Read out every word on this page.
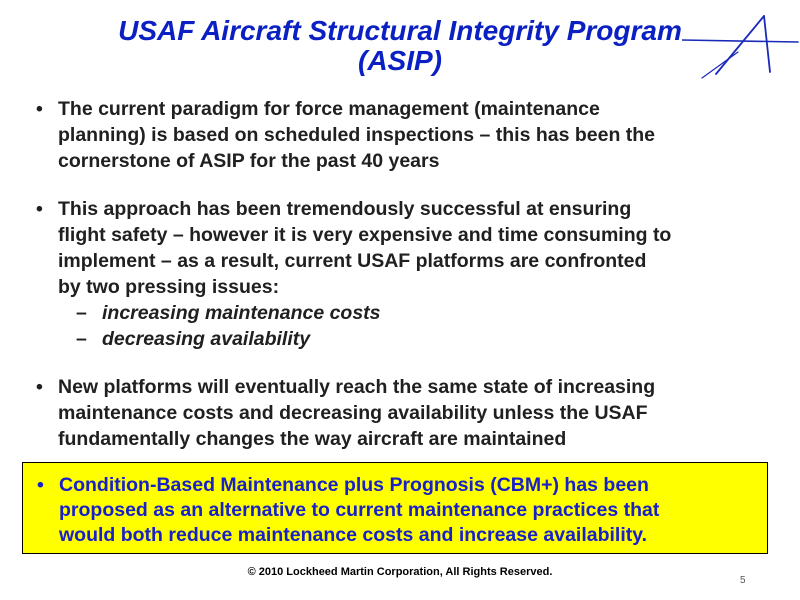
USAF Aircraft Structural Integrity Program
(ASIP)
• The current paradigm for force management (maintenance
planning) is based on scheduled inspections – this has been the
cornerstone of ASIP for the past 40 years
• This approach has been tremendously successful at ensuring
flight safety – however it is very expensive and time consuming to
implement – as a result, current USAF platforms are confronted
by two pressing issues:
– increasing maintenance costs
– decreasing availability
• New platforms will eventually reach the same state of increasing
maintenance costs and decreasing availability unless the USAF
fundamentally changes the way aircraft are maintained
• Condition-Based Maintenance plus Prognosis (CBM+) has been
proposed as an alternative to current maintenance practices that
would both reduce maintenance costs and increase availability.
© 2010 Lockheed Martin Corporation, All Rights Reserved.
5
